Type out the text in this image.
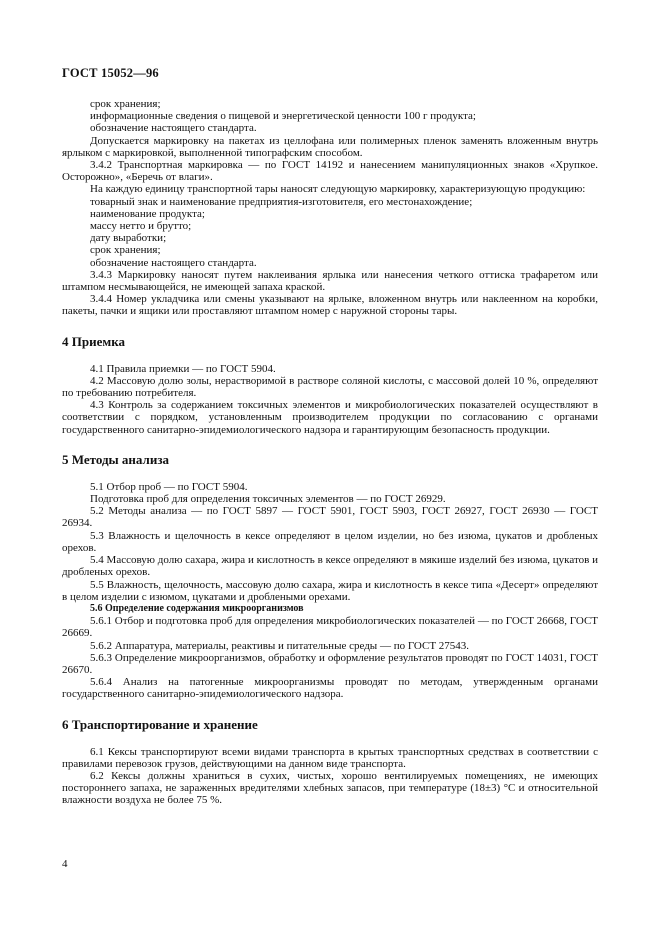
ГОСТ 15052—96

срок хранения;

информационные сведения о пищевой и энергетической ценности 100 г продукта;

обозначение настоящего стандарта.

Допускается маркировку на пакетах из целлофана или полимерных пленок заменять вложенным внутрь ярлыком с маркировкой, выполненной типографским способом.

3.4.2 Транспортная маркировка — по ГОСТ 14192 и нанесением манипуляционных знаков «Хрупкое. Осторожно», «Беречь от влаги».

На каждую единицу транспортной тары наносят следующую маркировку, характеризующую продукцию:

товарный знак и наименование предприятия-изготовителя, его местонахождение;

наименование продукта;

массу нетто и брутто;

дату выработки;

срок хранения;

обозначение настоящего стандарта.

3.4.3 Маркировку наносят путем наклеивания ярлыка или нанесения четкого оттиска трафаретом или штампом несмывающейся, не имеющей запаха краской.

3.4.4 Номер укладчика или смены указывают на ярлыке, вложенном внутрь или наклеенном на коробки, пакеты, пачки и ящики или проставляют штампом номер с наружной стороны тары.

4 Приемка

4.1 Правила приемки — по ГОСТ 5904.

4.2 Массовую долю золы, нерастворимой в растворе соляной кислоты, с массовой долей 10 %, определяют по требованию потребителя.

4.3 Контроль за содержанием токсичных элементов и микробиологических показателей осуществляют в соответствии с порядком, установленным производителем продукции по согласованию с органами государственного санитарно-эпидемиологического надзора и гарантирующим безопасность продукции.

5 Методы анализа

5.1 Отбор проб — по ГОСТ 5904.

Подготовка проб для определения токсичных элементов — по ГОСТ 26929.

5.2 Методы анализа — по ГОСТ 5897 — ГОСТ 5901, ГОСТ 5903, ГОСТ 26927, ГОСТ 26930 — ГОСТ 26934.

5.3 Влажность и щелочность в кексе определяют в целом изделии, но без изюма, цукатов и дробленых орехов.

5.4 Массовую долю сахара, жира и кислотность в кексе определяют в мякише изделий без изюма, цукатов и дробленых орехов.

5.5 Влажность, щелочность, массовую долю сахара, жира и кислотность в кексе типа «Десерт» определяют в целом изделии с изюмом, цукатами и дроблеными орехами.

5.6 Определение содержания микроорганизмов

5.6.1 Отбор и подготовка проб для определения микробиологических показателей — по ГОСТ 26668, ГОСТ 26669.

5.6.2 Аппаратура, материалы, реактивы и питательные среды — по ГОСТ 27543.

5.6.3 Определение микроорганизмов, обработку и оформление результатов проводят по ГОСТ 14031, ГОСТ 26670.

5.6.4 Анализ на патогенные микроорганизмы проводят по методам, утвержденным органами государственного санитарно-эпидемиологического надзора.

6 Транспортирование и хранение

6.1 Кексы транспортируют всеми видами транспорта в крытых транспортных средствах в соответствии с правилами перевозок грузов, действующими на данном виде транспорта.

6.2 Кексы должны храниться в сухих, чистых, хорошо вентилируемых помещениях, не имеющих постороннего запаха, не зараженных вредителями хлебных запасов, при температуре (18±3) °С и относительной влажности воздуха не более 75 %.

4
